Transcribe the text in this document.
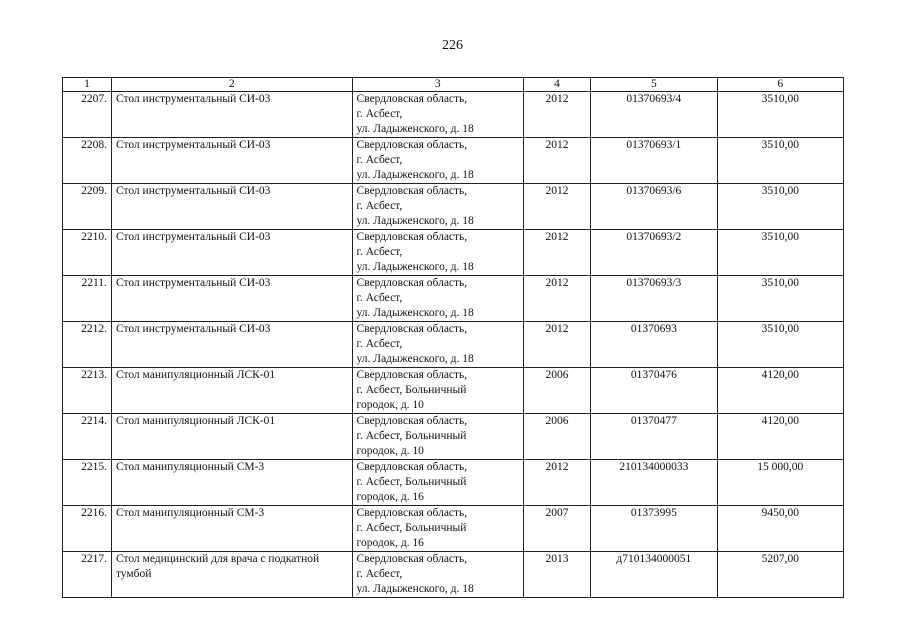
226
1	2	3	4	5	6
2207.	Стол инструментальный СИ-03	Свердловская область,
г. Асбест,
ул. Ладыженского, д. 18	2012	01370693/4	3510,00
2208.	Стол инструментальный СИ-03	Свердловская область,
г. Асбест,
ул. Ладыженского, д. 18	2012	01370693/1	3510,00
2209.	Стол инструментальный СИ-03	Свердловская область,
г. Асбест,
ул. Ладыженского, д. 18	2012	01370693/6	3510,00
2210.	Стол инструментальный СИ-03	Свердловская область,
г. Асбест,
ул. Ладыженского, д. 18	2012	01370693/2	3510,00
2211.	Стол инструментальный СИ-03	Свердловская область,
г. Асбест,
ул. Ладыженского, д. 18	2012	01370693/3	3510,00
2212.	Стол инструментальный СИ-03	Свердловская область,
г. Асбест,
ул. Ладыженского, д. 18	2012	01370693	3510,00
2213.	Стол манипуляционный ЛСК-01	Свердловская область,
г. Асбест, Больничный
городок, д. 10	2006	01370476	4120,00
2214.	Стол манипуляционный ЛСК-01	Свердловская область,
г. Асбест, Больничный
городок, д. 10	2006	01370477	4120,00
2215.	Стол манипуляционный СМ-3	Свердловская область,
г. Асбест, Больничный
городок, д. 16	2012	210134000033	15 000,00
2216.	Стол манипуляционный СМ-3	Свердловская область,
г. Асбест, Больничный
городок, д. 16	2007	01373995	9450,00
2217.	Стол медицинский для врача с подкатной тумбой	Свердловская область,
г. Асбест,
ул. Ладыженского, д. 18	2013	д710134000051	5207,00
